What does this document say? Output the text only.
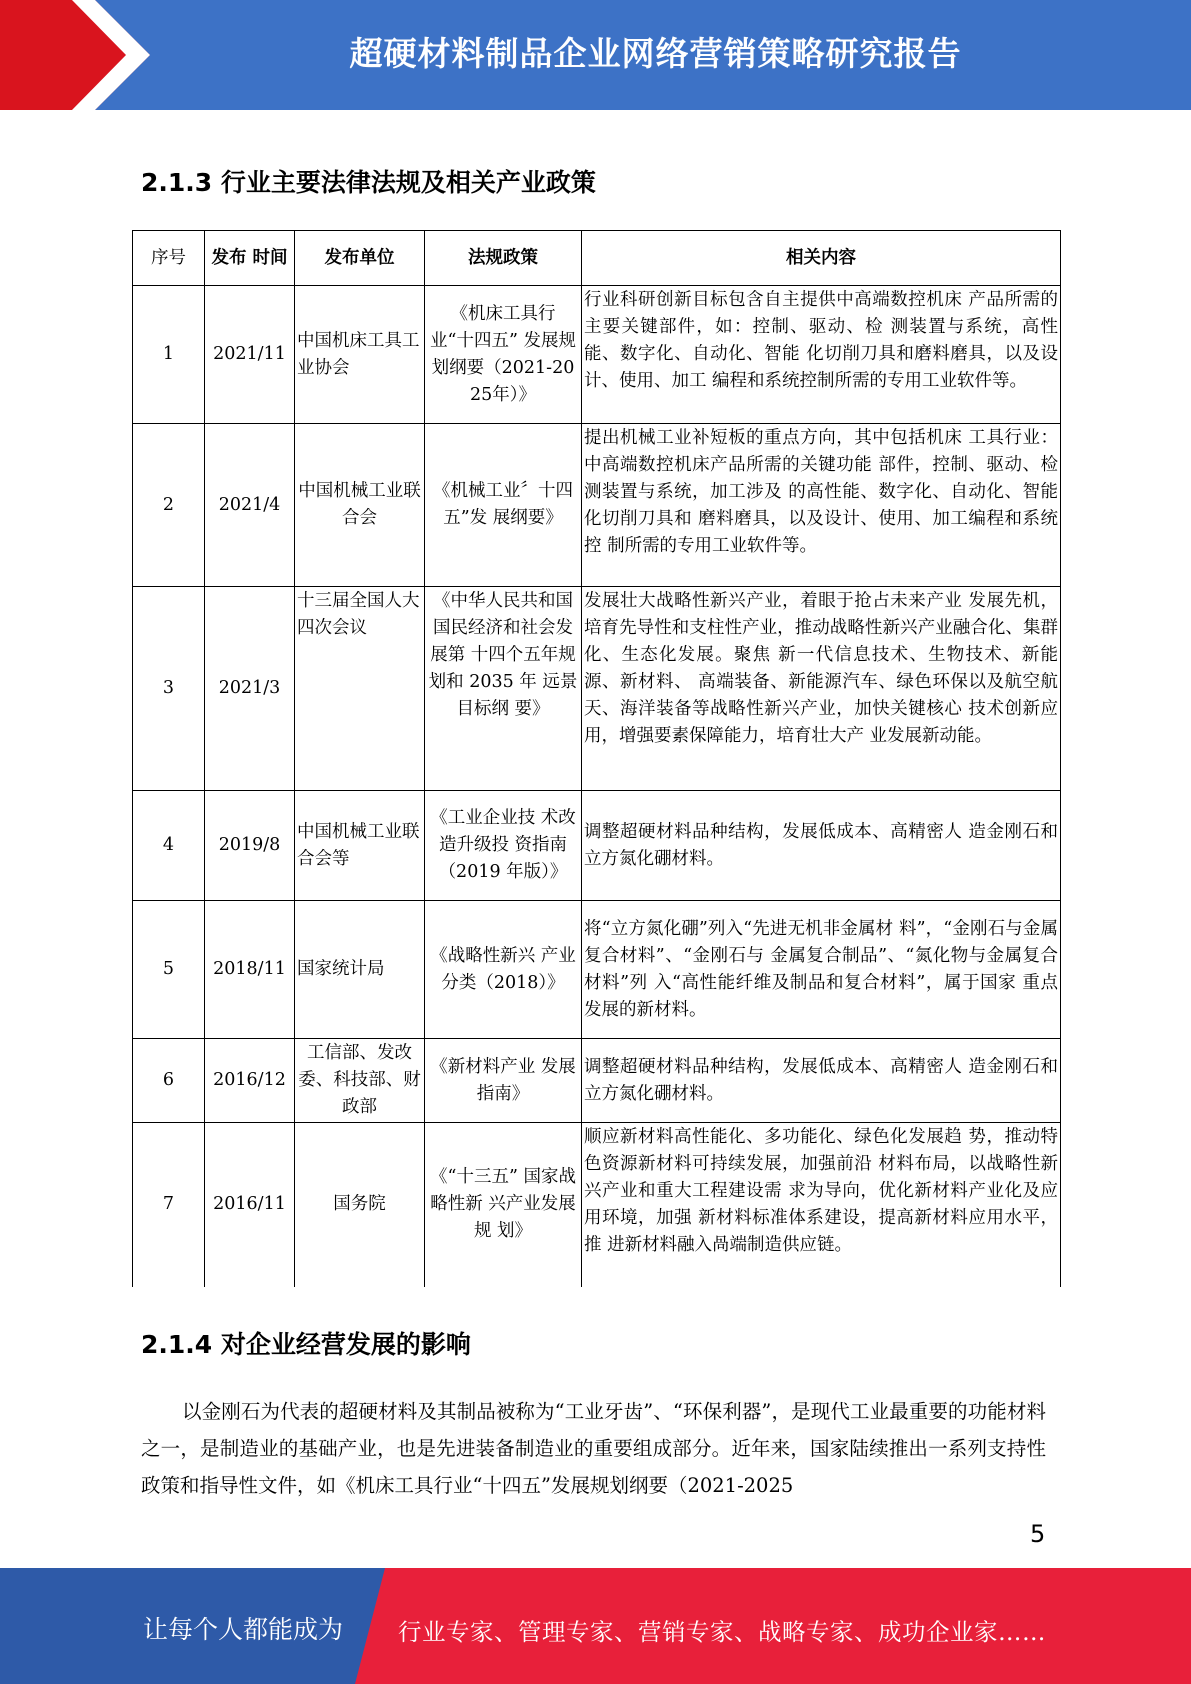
超硬材料制品企业网络营销策略研究报告
2.1.3 行业主要法律法规及相关产业政策
序号	发布 时间	发布单位	法规政策	相关内容
1	2021/11	中国机床工具工业协会	《机床工具行 业“十四五” 发展规划纲要（2021-2025年）》	行业科研创新目标包含自主提供中高端数控机床 产品所需的主要关键部件，如：控制、驱动、检 测装置与系统，高性能、数字化、自动化、智能 化切削刀具和磨料磨具，以及设计、使用、加工 编程和系统控制所需的专用工业软件等。
2	2021/4	中国机械工业联合会	《机械工业〞十四五”发 展纲要》	提出机械工业补短板的重点方向，其中包括机床 工具行业：中高端数控机床产品所需的关键功能 部件，控制、驱动、检测装置与系统，加工涉及 的高性能、数字化、自动化、智能化切削刀具和 磨料磨具，以及设计、使用、加工编程和系统控 制所需的专用工业软件等。
3	2021/3	十三届全国人大四次会议	《中华人民共和国国民经济和社会发展第 十四个五年规 划和 2035 年 远景目标纲 要》	发展壮大战略性新兴产业，着眼于抢占未来产业 发展先机，培育先导性和支柱性产业，推动战略性新兴产业融合化、集群化、生态化发展。聚焦 新一代信息技术、生物技术、新能源、新材料、 高端装备、新能源汽车、绿色环保以及航空航 天、海洋装备等战略性新兴产业，加快关键核心 技术创新应用，增强要素保障能力，培育壮大产 业发展新动能。
4	2019/8	中国机械工业联合会等	《工业企业技 术改造升级投 资指南（2019 年版）》	调整超硬材料品种结构，发展低成本、高精密人 造金刚石和立方氮化硼材料。
5	2018/11	国家统计局	《战略性新兴 产业分类（2018）》	将“立方氮化硼”列入“先进无机非金属材 料”，“金刚石与金属复合材料”、“金刚石与 金属复合制品”、“氮化物与金属复合材料”列 入“高性能纤维及制品和复合材料”，属于国家 重点发展的新材料。
6	2016/12	工信部、发改委、科技部、财政部	《新材料产业 发展指南》	调整超硬材料品种结构，发展低成本、高精密人 造金刚石和立方氮化硼材料。
7	2016/11	国务院	《“十三五” 国家战略性新 兴产业发展规 划》	顺应新材料高性能化、多功能化、绿色化发展趋 势，推动特色资源新材料可持续发展，加强前沿 材料布局，以战略性新兴产业和重大工程建设需 求为导向，优化新材料产业化及应用环境，加强 新材料标准体系建设，提高新材料应用水平，推 进新材料融入咼端制造供应链。
2.1.4 对企业经营发展的影响
以金刚石为代表的超硬材料及其制品被称为“工业牙齿”、“环保利器”，是现代工业最重要的功能材料之一，是制造业的基础产业，也是先进装备制造业的重要组成部分。近年来，国家陆续推出一系列支持性政策和指导性文件，如《机床工具行业“十四五”发展规划纲要（2021-2025
5
让每个人都能成为 行业专家、管理专家、营销专家、战略专家、成功企业家……
